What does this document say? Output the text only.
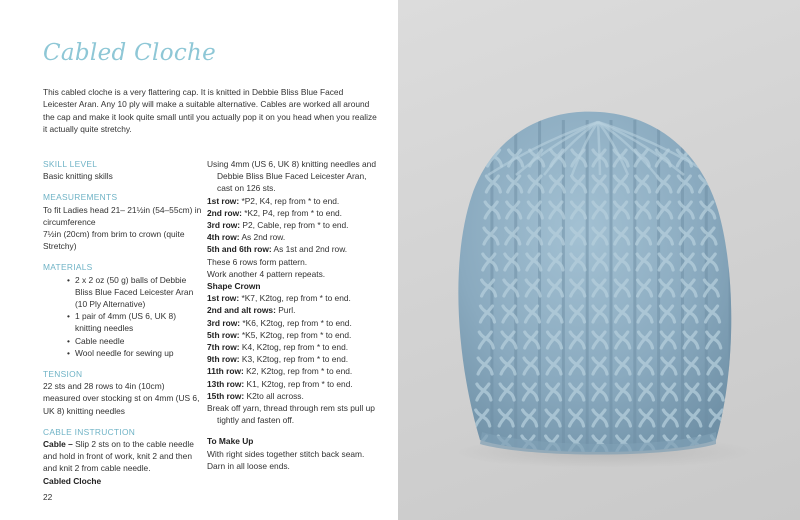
Cabled Cloche
This cabled cloche is a very flattering cap. It is knitted in Debbie Bliss Blue Faced Leicester Aran. Any 10 ply will make a suitable alternative. Cables are worked all around the cap and make it look quite small until you actually pop it on you head when you realize it actually quite stretchy.
SKILL LEVEL
Basic knitting skills
MEASUREMENTS
To fit Ladies head 21– 21½in (54–55cm) in circumference
7½in (20cm) from brim to crown (quite Stretchy)
MATERIALS
• 2 x 2 oz (50 g) balls of Debbie Bliss Blue Faced Leicester Aran (10 Ply Alternative)
• 1 pair of 4mm (US 6, UK 8) knitting needles
• Cable needle
• Wool needle for sewing up
TENSION
22 sts and 28 rows to 4in (10cm) measured over stocking st on 4mm (US 6, UK 8) knitting needles
CABLE INSTRUCTION
Cable – Slip 2 sts on to the cable needle and hold in front of work, knit 2 and then and knit 2 from cable needle.
Cabled Cloche
Using 4mm (US 6, UK 8) knitting needles and Debbie Bliss Blue Faced Leicester Aran, cast on 126 sts.
1st row: *P2, K4, rep from * to end.
2nd row: *K2, P4, rep from * to end.
3rd row: P2, Cable, rep from * to end.
4th row: As 2nd row.
5th and 6th row: As 1st and 2nd row.
These 6 rows form pattern.
Work another 4 pattern repeats.
Shape Crown
1st row: *K7, K2tog, rep from * to end.
2nd and alt rows: Purl.
3rd row: *K6, K2tog, rep from * to end.
5th row: *K5, K2tog, rep from * to end.
7th row: K4, K2tog, rep from * to end.
9th row: K3, K2tog, rep from * to end.
11th row: K2, K2tog, rep from * to end.
13th row: K1, K2tog, rep from * to end.
15th row: K2to all across.
Break off yarn, thread through rem sts pull up tightly and fasten off.
To Make Up
With right sides together stitch back seam. Darn in all loose ends.
22
